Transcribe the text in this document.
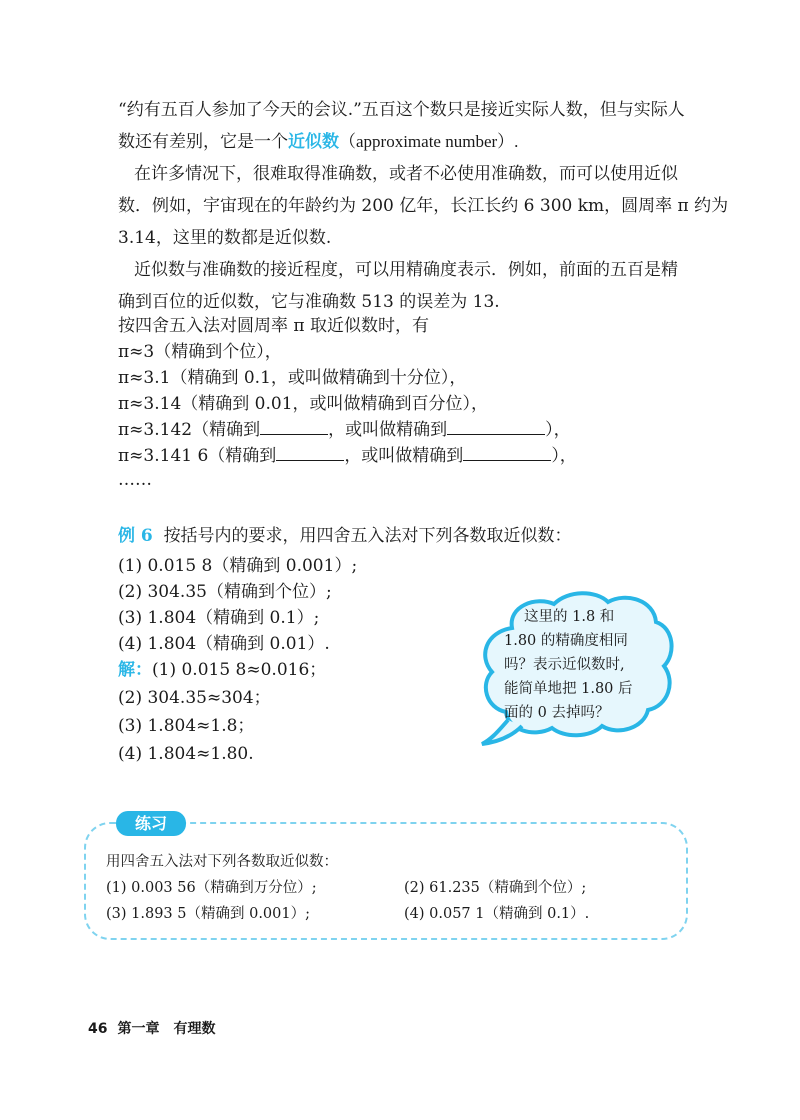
“约有五百人参加了今天的会议.”五百这个数只是接近实际人数，但与实际人
数还有差别，它是一个近似数（approximate number）.
在许多情况下，很难取得准确数，或者不必使用准确数，而可以使用近似
数．例如，宇宙现在的年龄约为 200 亿年，长江长约 6 300 km，圆周率 π 约为
3.14，这里的数都是近似数.
近似数与准确数的接近程度，可以用精确度表示．例如，前面的五百是精
确到百位的近似数，它与准确数 513 的误差为 13.
按四舍五入法对圆周率 π 取近似数时，有
π≈3（精确到个位），
π≈3.1（精确到 0.1，或叫做精确到十分位），
π≈3.14（精确到 0.01，或叫做精确到百分位），
π≈3.142（精确到	，或叫做精确到	），
π≈3.141 6（精确到	，或叫做精确到	），
……
例 6 按括号内的要求，用四舍五入法对下列各数取近似数：
(1) 0.015 8（精确到 0.001）;
(2) 304.35（精确到个位）;
(3) 1.804（精确到 0.1）;
(4) 1.804（精确到 0.01）.
解：(1) 0.015 8≈0.016；
(2) 304.35≈304；
(3) 1.804≈1.8；
(4) 1.804≈1.80.
这里的 1.8 和
1.80 的精确度相同
吗？表示近似数时,
能简单地把 1.80 后
面的 0 去掉吗？
练习
用四舍五入法对下列各数取近似数：
(1) 0.003 56（精确到万分位）;	(2) 61.235（精确到个位）;
(3) 1.893 5（精确到 0.001）;	(4) 0.057 1（精确到 0.1）.
46 第一章 有理数
